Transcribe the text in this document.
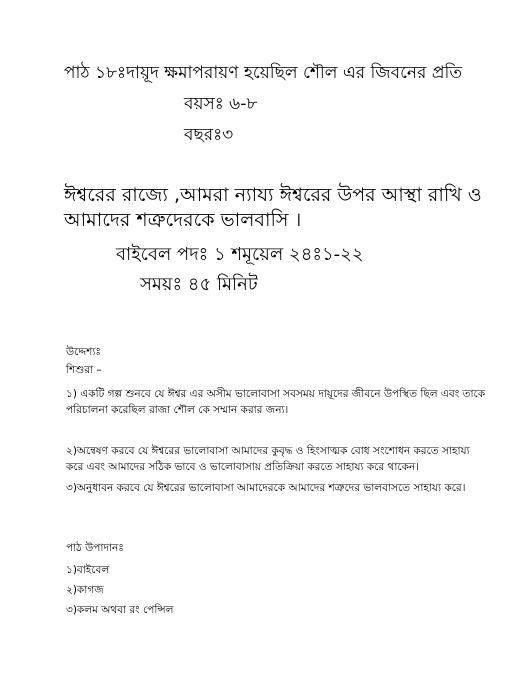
পাঠ ১৮ঃদায়ূদ ক্ষমাপরায়ণ হয়েছিল শৌল এর জিবনের প্রতি
বয়সঃ ৬-৮
বছরঃ৩
ঈশ্বরের রাজ্যে ,আমরা ন্যায্য ঈশ্বরের উপর আস্থা রাখি ও আমাদের শত্রুদেরকে ভালবাসি ।
বাইবেল পদঃ ১ শমূয়েল ২৪ঃ১-২২
সময়ঃ ৪৫ মিনিট
উদ্দেশ্যঃ
শিশুরা –
১) একটি গল্প শুনবে যে ঈশ্বর এর অসীম ভালোবাসা সবসময় দায়ূদের জীবনে উপস্থিত ছিল এবং তাকে পরিচালনা করেছিল রাজা শৌল কে সম্মান করার জন্য।
২)অন্বেষণ করবে যে ঈশ্বরের ভালোবাসা আমাদের কুবৃদ্ধ ও হিংসাত্মক বোধ সংশোধন করতে সাহায্য করে এবং আমাদের সঠিক ভাবে ও ভালোবাসায় প্রতিক্রিয়া করতে সাহায্য করে থাকেন।
৩)অনুধাবন করবে যে ঈশ্বরের ভালোবাসা আমাদেরকে আমাদের শত্রুদের ভালবাসতে সাহায্য করে।
পাঠ উপাদানঃ
১)বাইবেল
২)কাগজ
৩)কলম অথবা রং পেন্সিল
